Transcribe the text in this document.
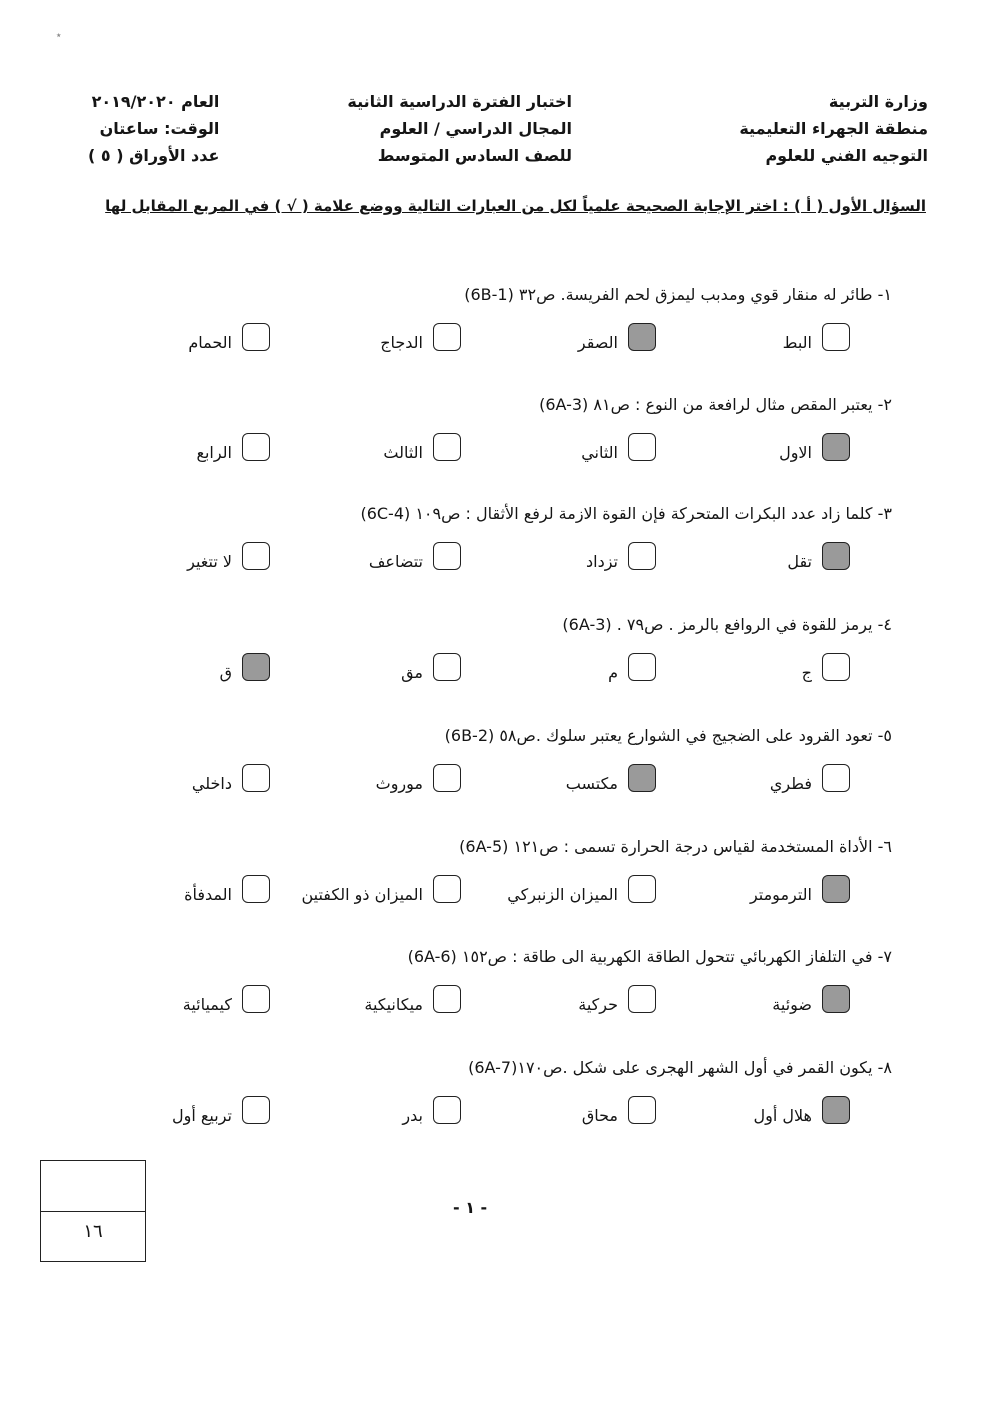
٭
وزارة التربية
منطقة الجهراء التعليمية
التوجيه الفني للعلوم
اختبار الفترة الدراسية الثانية
المجال الدراسي / العلوم
للصف السادس المتوسط
العام ٢٠١٩/٢٠٢٠
الوقت: ساعتان
عدد الأوراق ( ٥ )
السؤال الأول ( أ ) : اختر الإجابة الصحيحة علمياً لكل من العبارات التالية ووضع علامة ( √ ) في المربع المقابل لها
١- طائر له منقار قوي ومدبب ليمزق لحم الفريسة. ص٣٢ (6B-1)
البط
الصقر
الدجاج
الحمام
٢- يعتبر المقص مثال لرافعة من النوع : ص٨١ (6A-3)
الاول
الثاني
الثالث
الرابع
٣- كلما زاد عدد البكرات المتحركة فإن القوة الازمة لرفع الأثقال : ص١٠٩ (6C-4)
تقل
تزداد
تتضاعف
لا تتغير
٤- يرمز للقوة في الروافع بالرمز . ص٧٩ . (6A-3)
ج
م
مق
ق
٥- تعود القرود على الضجيج في الشوارع يعتبر سلوك .ص٥٨ (6B-2)
فطري
مكتسب
موروث
داخلي
٦- الأداة المستخدمة لقياس درجة الحرارة تسمى : ص١٢١ (6A-5)
الترمومتر
الميزان الزنبركي
الميزان ذو الكفتين
المدفأة
٧- في التلفاز الكهربائي تتحول الطاقة الكهربية الى طاقة : ص١٥٢ (6A-6)
ضوئية
حركية
ميكانيكية
كيميائية
٨- يكون القمر في أول الشهر الهجرى على شكل .ص١٧٠(6A-7)
هلال أول
محاق
بدر
تربيع أول
- ١ -
١٦
